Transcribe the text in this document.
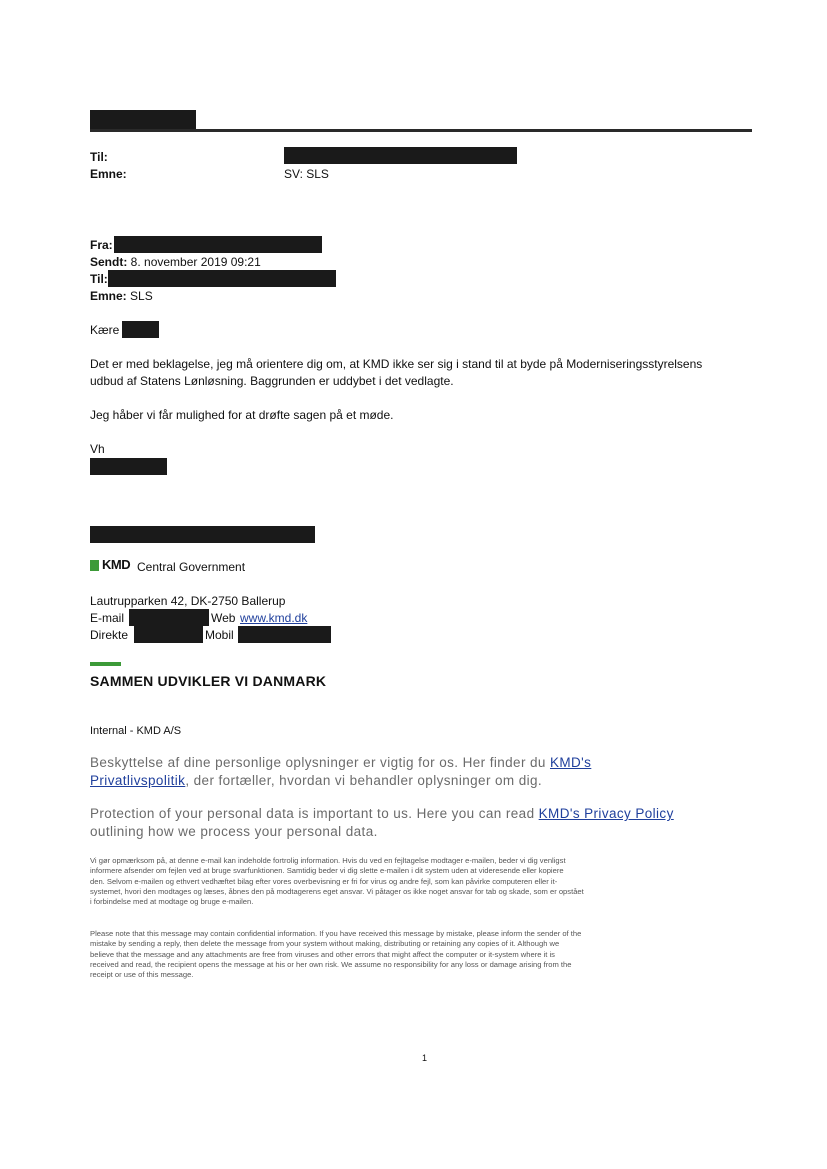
Til:
Emne:	SV: SLS
Fra:
Sendt: 8. november 2019 09:21
Til:
Emne: SLS
Kære
Det er med beklagelse, jeg må orientere dig om, at KMD ikke ser sig i stand til at byde på Moderniseringsstyrelsens
udbud af Statens Lønløsning. Baggrunden er uddybet i det vedlagte.
Jeg håber vi får mulighed for at drøfte sagen på et møde.
Vh
KMD Central Government
Lautrupparken 42, DK-2750 Ballerup
E-mail	Web www.kmd.dk
Direkte	Mobil
SAMMEN UDVIKLER VI DANMARK
Internal - KMD A/S
Beskyttelse af dine personlige oplysninger er vigtig for os. Her finder du KMD's
Privatlivspolitik, der fortæller, hvordan vi behandler oplysninger om dig.
Protection of your personal data is important to us. Here you can read KMD's Privacy Policy
outlining how we process your personal data.
Vi gør opmærksom på, at denne e-mail kan indeholde fortrolig information. Hvis du ved en fejltagelse modtager e-mailen, beder vi dig venligst
informere afsender om fejlen ved at bruge svarfunktionen. Samtidig beder vi dig slette e-mailen i dit system uden at videresende eller kopiere
den. Selvom e-mailen og ethvert vedhæftet bilag efter vores overbevisning er fri for virus og andre fejl, som kan påvirke computeren eller it-
systemet, hvori den modtages og læses, åbnes den på modtagerens eget ansvar. Vi påtager os ikke noget ansvar for tab og skade, som er opstået
i forbindelse med at modtage og bruge e-mailen.
Please note that this message may contain confidential information. If you have received this message by mistake, please inform the sender of the
mistake by sending a reply, then delete the message from your system without making, distributing or retaining any copies of it. Although we
believe that the message and any attachments are free from viruses and other errors that might affect the computer or it-system where it is
received and read, the recipient opens the message at his or her own risk. We assume no responsibility for any loss or damage arising from the
receipt or use of this message.
1
